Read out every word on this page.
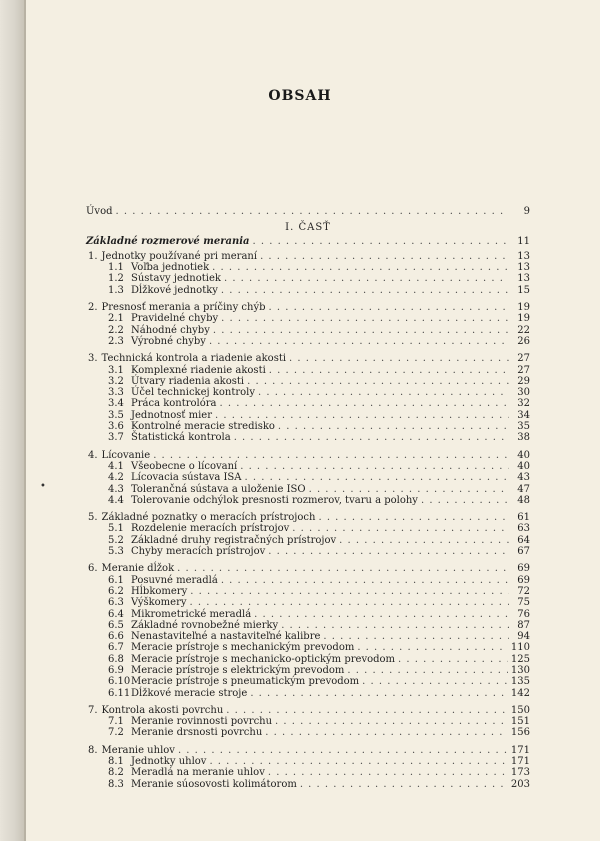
OBSAH
•
Úvod . . .	9
I. ČASŤ
Základné rozmerové merania . . .	11
1. Jednotky používané pri meraní . . .	13
1.1 Voľba jednotiek . . .	13
1.2 Sústavy jednotiek . . .	13
1.3 Dĺžkové jednotky . . .	15
2. Presnosť merania a príčiny chýb . . .	19
2.1 Pravidelné chyby . . .	19
2.2 Náhodné chyby . . .	22
2.3 Výrobné chyby . . .	26
3. Technická kontrola a riadenie akosti . . .	27
3.1 Komplexné riadenie akosti . . .	27
3.2 Útvary riadenia akosti . . .	29
3.3 Účel technickej kontroly . . .	30
3.4 Práca kontrolóra . . .	32
3.5 Jednotnosť mier . . .	34
3.6 Kontrolné meracie stredisko . . .	35
3.7 Štatistická kontrola . . .	38
4. Lícovanie . . .	40
4.1 Všeobecne o lícovaní . . .	40
4.2 Lícovacia sústava ISA . . .	43
4.3 Tolerančná sústava a uloženie ISO . . .	47
4.4 Tolerovanie odchýlok presnosti rozmerov, tvaru a polohy . . .	48
5. Základné poznatky o meracích prístrojoch . . .	61
5.1 Rozdelenie meracích prístrojov . . .	63
5.2 Základné druhy registračných prístrojov . . .	64
5.3 Chyby meracích prístrojov . . .	67
6. Meranie dĺžok . . .	69
6.1 Posuvné meradlá . . .	69
6.2 Hĺbkomery . . .	72
6.3 Výškomery . . .	75
6.4 Mikrometrické meradlá . . .	76
6.5 Základné rovnobežné mierky . . .	87
6.6 Nenastaviteľné a nastaviteľné kalibre . . .	94
6.7 Meracie prístroje s mechanickým prevodom . . .	110
6.8 Meracie prístroje s mechanicko-optickým prevodom . . .	125
6.9 Meracie prístroje s elektrickým prevodom . . .	130
6.10 Meracie prístroje s pneumatickým prevodom . . .	135
6.11 Dĺžkové meracie stroje . . .	142
7. Kontrola akosti povrchu . . .	150
7.1 Meranie rovinnosti povrchu . . .	151
7.2 Meranie drsnosti povrchu . . .	156
8. Meranie uhlov . . .	171
8.1 Jednotky uhlov . . .	171
8.2 Meradlá na meranie uhlov . . .	173
8.3 Meranie súosovosti kolimátorom . . .	203
